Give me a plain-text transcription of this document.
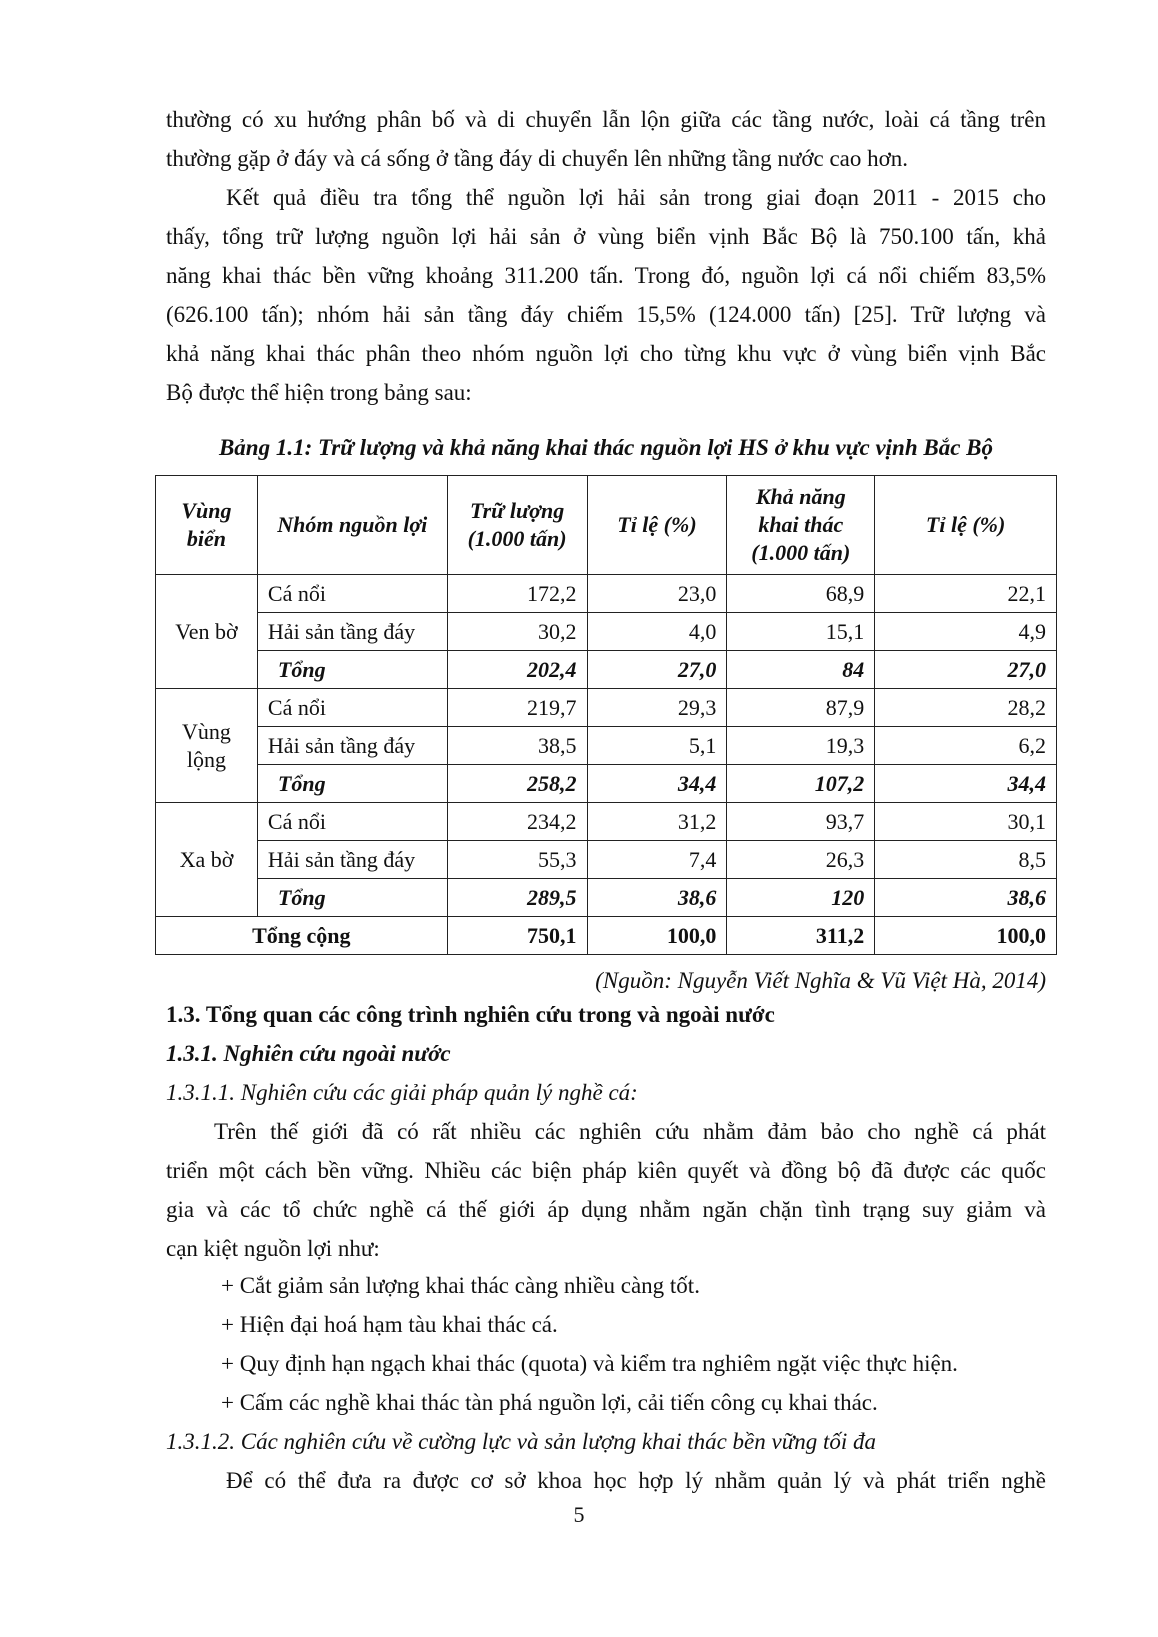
thường có xu hướng phân bố và di chuyển lẫn lộn giữa các tầng nước, loài cá tầng trên
thường gặp ở đáy và cá sống ở tầng đáy di chuyển lên những tầng nước cao hơn.
Kết quả điều tra tổng thể nguồn lợi hải sản trong giai đoạn 2011 - 2015 cho
thấy, tổng trữ lượng nguồn lợi hải sản ở vùng biển vịnh Bắc Bộ là 750.100 tấn, khả
năng khai thác bền vững khoảng 311.200 tấn. Trong đó, nguồn lợi cá nổi chiếm 83,5%
(626.100 tấn); nhóm hải sản tầng đáy chiếm 15,5% (124.000 tấn) [25]. Trữ lượng và
khả năng khai thác phân theo nhóm nguồn lợi cho từng khu vực ở vùng biển vịnh Bắc
Bộ được thể hiện trong bảng sau:
Bảng 1.1: Trữ lượng và khả năng khai thác nguồn lợi HS ở khu vực vịnh Bắc Bộ
Vùng biển	Nhóm nguồn lợi	Trữ lượng (1.000 tấn)	Tỉ lệ (%)	Khả năng khai thác (1.000 tấn)	Tỉ lệ (%)
Ven bờ	Cá nổi	172,2	23,0	68,9	22,1
	Hải sản tầng đáy	30,2	4,0	15,1	4,9
	Tổng	202,4	27,0	84	27,0
Vùng lộng	Cá nổi	219,7	29,3	87,9	28,2
	Hải sản tầng đáy	38,5	5,1	19,3	6,2
	Tổng	258,2	34,4	107,2	34,4
Xa bờ	Cá nổi	234,2	31,2	93,7	30,1
	Hải sản tầng đáy	55,3	7,4	26,3	8,5
	Tổng	289,5	38,6	120	38,6
Tổng cộng		750,1	100,0	311,2	100,0
(Nguồn: Nguyễn Viết Nghĩa & Vũ Việt Hà, 2014)
1.3. Tổng quan các công trình nghiên cứu trong và ngoài nước
1.3.1. Nghiên cứu ngoài nước
1.3.1.1. Nghiên cứu các giải pháp quản lý nghề cá:
Trên thế giới đã có rất nhiều các nghiên cứu nhằm đảm bảo cho nghề cá phát
triển một cách bền vững. Nhiều các biện pháp kiên quyết và đồng bộ đã được các quốc
gia và các tổ chức nghề cá thế giới áp dụng nhằm ngăn chặn tình trạng suy giảm và
cạn kiệt nguồn lợi như:
+ Cắt giảm sản lượng khai thác càng nhiều càng tốt.
+ Hiện đại hoá hạm tàu khai thác cá.
+ Quy định hạn ngạch khai thác (quota) và kiểm tra nghiêm ngặt việc thực hiện.
+ Cấm các nghề khai thác tàn phá nguồn lợi, cải tiến công cụ khai thác.
1.3.1.2. Các nghiên cứu về cường lực và sản lượng khai thác bền vững tối đa
Để có thể đưa ra được cơ sở khoa học hợp lý nhằm quản lý và phát triển nghề
5
